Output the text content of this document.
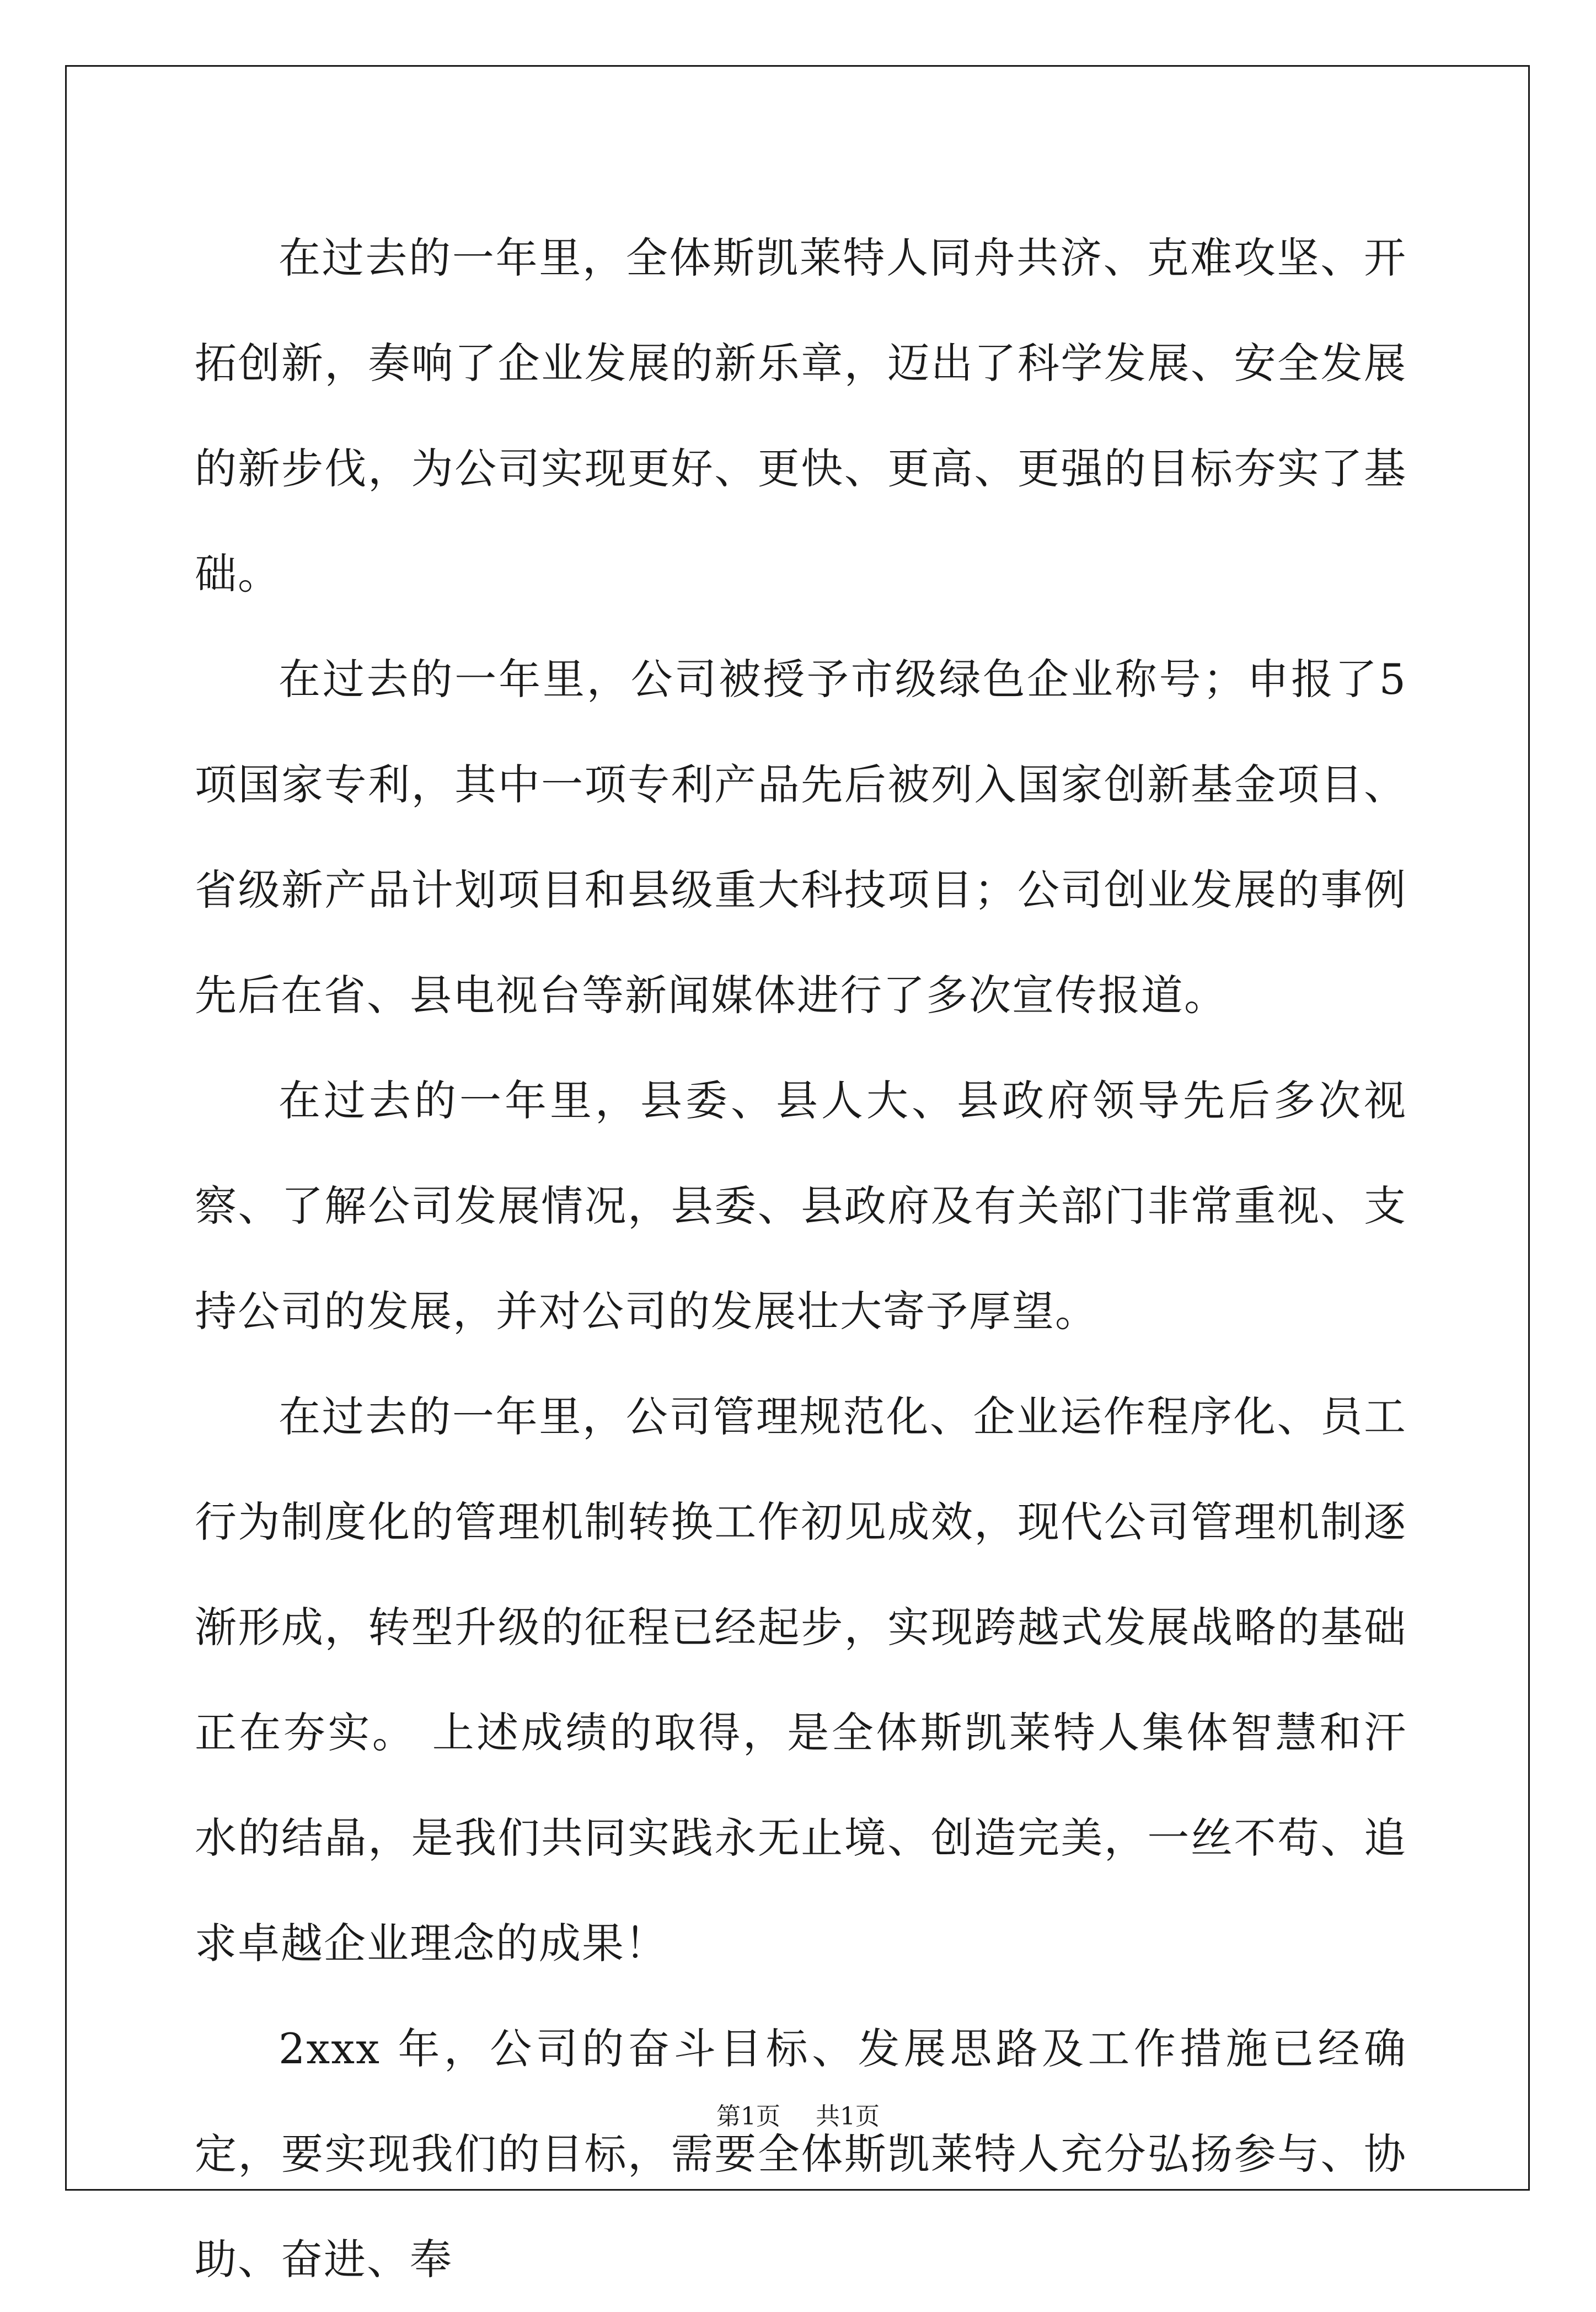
在过去的一年里，全体斯凯莱特人同舟共济、克难攻坚、开拓创新，奏响了企业发展的新乐章，迈出了科学发展、安全发展的新步伐，为公司实现更好、更快、更高、更强的目标夯实了基础。

在过去的一年里，公司被授予市级绿色企业称号；申报了5项国家专利，其中一项专利产品先后被列入国家创新基金项目、省级新产品计划项目和县级重大科技项目；公司创业发展的事例先后在省、县电视台等新闻媒体进行了多次宣传报道。

在过去的一年里，县委、县人大、县政府领导先后多次视察、了解公司发展情况，县委、县政府及有关部门非常重视、支持公司的发展，并对公司的发展壮大寄予厚望。

在过去的一年里，公司管理规范化、企业运作程序化、员工行为制度化的管理机制转换工作初见成效，现代公司管理机制逐渐形成，转型升级的征程已经起步，实现跨越式发展战略的基础正在夯实。 上述成绩的取得，是全体斯凯莱特人集体智慧和汗水的结晶，是我们共同实践永无止境、创造完美，一丝不苟、追求卓越企业理念的成果！

2xxx 年，公司的奋斗目标、发展思路及工作措施已经确定，要实现我们的目标，需要全体斯凯莱特人充分弘扬参与、协助、奋进、奉

第1页 共1页
